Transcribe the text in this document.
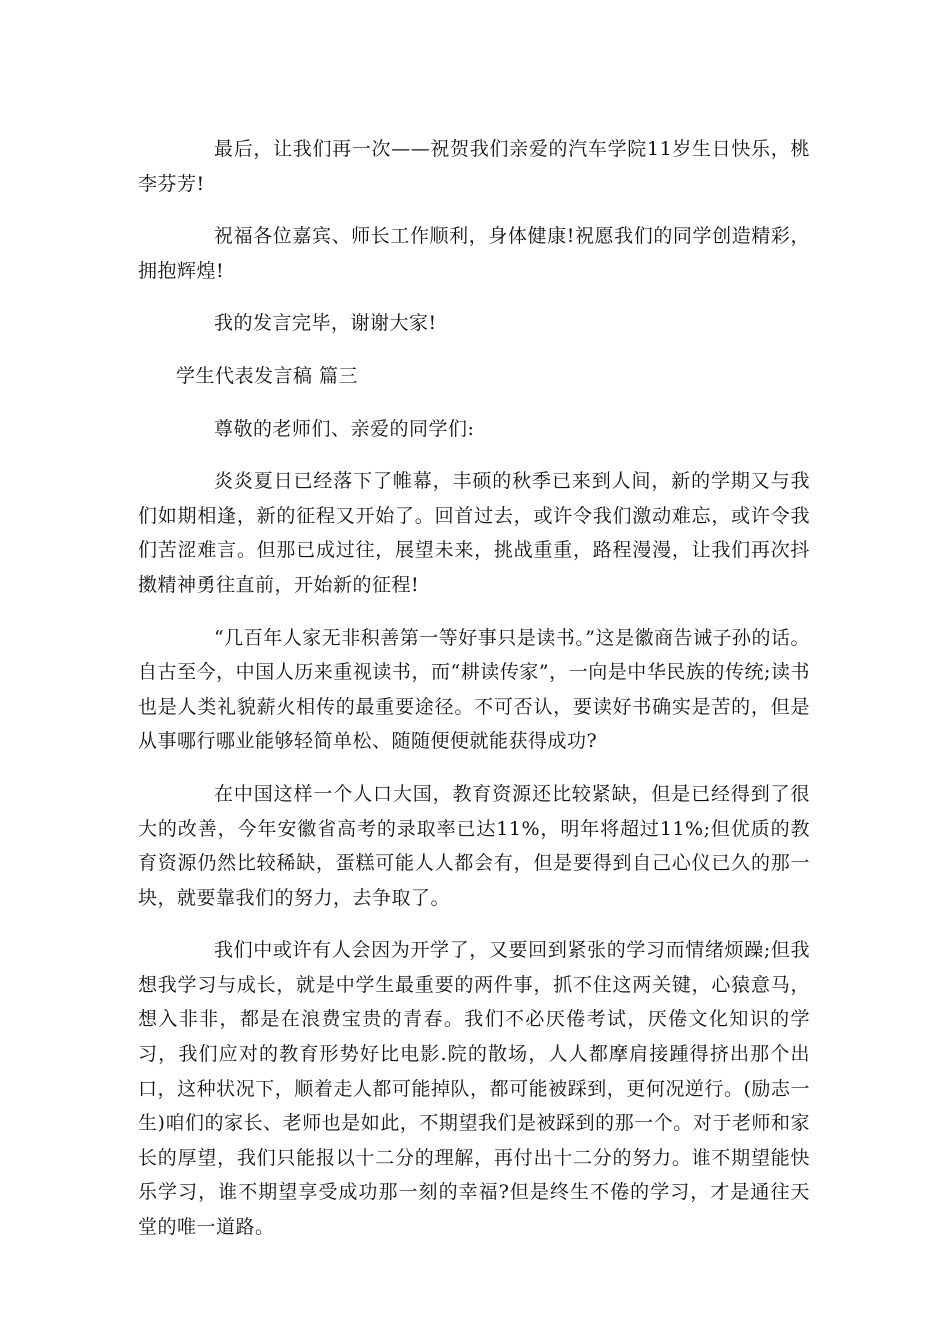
最后，让我们再一次——祝贺我们亲爱的汽车学院11岁生日快乐，桃李芬芳!

祝福各位嘉宾、师长工作顺利，身体健康!祝愿我们的同学创造精彩，拥抱辉煌!

我的发言完毕，谢谢大家!

学生代表发言稿 篇三

尊敬的老师们、亲爱的同学们:

炎炎夏日已经落下了帷幕，丰硕的秋季已来到人间，新的学期又与我们如期相逢，新的征程又开始了。回首过去，或许令我们激动难忘，或许令我们苦涩难言。但那已成过往，展望未来，挑战重重，路程漫漫，让我们再次抖擞精神勇往直前，开始新的征程!

“几百年人家无非积善第一等好事只是读书。”这是徽商告诫子孙的话。自古至今，中国人历来重视读书，而“耕读传家”，一向是中华民族的传统;读书也是人类礼貌薪火相传的最重要途径。不可否认，要读好书确实是苦的，但是从事哪行哪业能够轻简单松、随随便便就能获得成功?

在中国这样一个人口大国，教育资源还比较紧缺，但是已经得到了很大的改善，今年安徽省高考的录取率已达11%，明年将超过11%;但优质的教育资源仍然比较稀缺，蛋糕可能人人都会有，但是要得到自己心仪已久的那一块，就要靠我们的努力，去争取了。

我们中或许有人会因为开学了，又要回到紧张的学习而情绪烦躁;但我想我学习与成长，就是中学生最重要的两件事，抓不住这两关键，心猿意马，想入非非，都是在浪费宝贵的青春。我们不必厌倦考试，厌倦文化知识的学习，我们应对的教育形势好比电影.院的散场，人人都摩肩接踵得挤出那个出口，这种状况下，顺着走人都可能掉队，都可能被踩到，更何况逆行。(励志一生)咱们的家长、老师也是如此，不期望我们是被踩到的那一个。对于老师和家长的厚望，我们只能报以十二分的理解，再付出十二分的努力。谁不期望能快乐学习，谁不期望享受成功那一刻的幸福?但是终生不倦的学习，才是通往天堂的唯一道路。
